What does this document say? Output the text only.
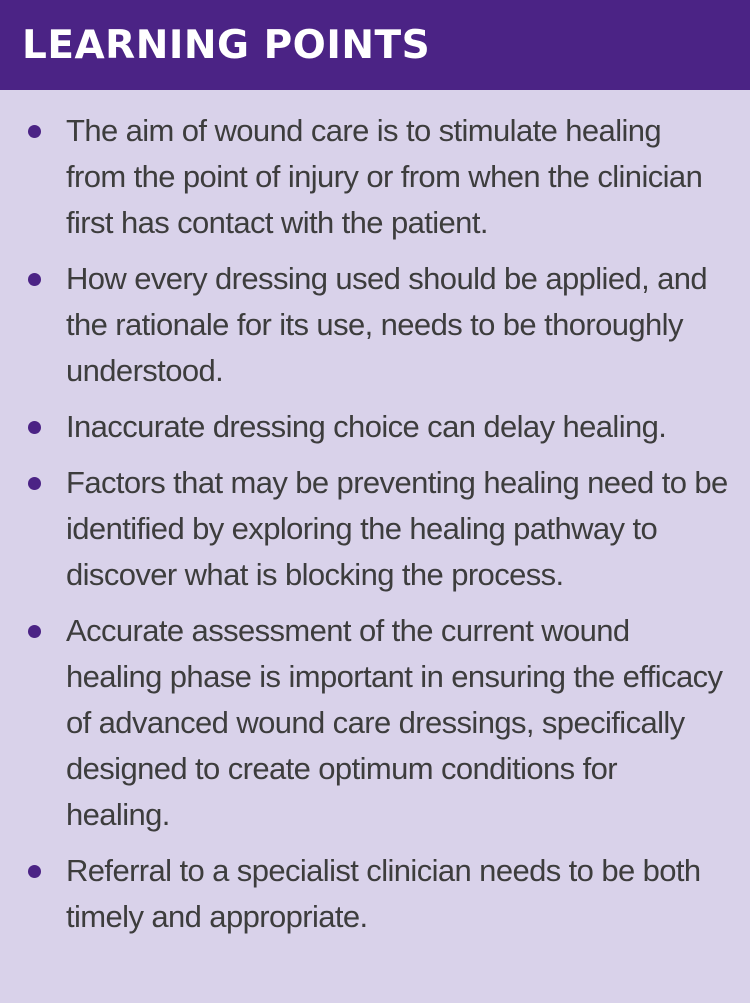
LEARNING POINTS
The aim of wound care is to stimulate healing from the point of injury or from when the clinician first has contact with the patient.
How every dressing used should be applied, and the rationale for its use, needs to be thoroughly understood.
Inaccurate dressing choice can delay healing.
Factors that may be preventing healing need to be identified by exploring the healing pathway to discover what is blocking the process.
Accurate assessment of the current wound healing phase is important in ensuring the efficacy of advanced wound care dressings, specifically designed to create optimum conditions for healing.
Referral to a specialist clinician needs to be both timely and appropriate.
